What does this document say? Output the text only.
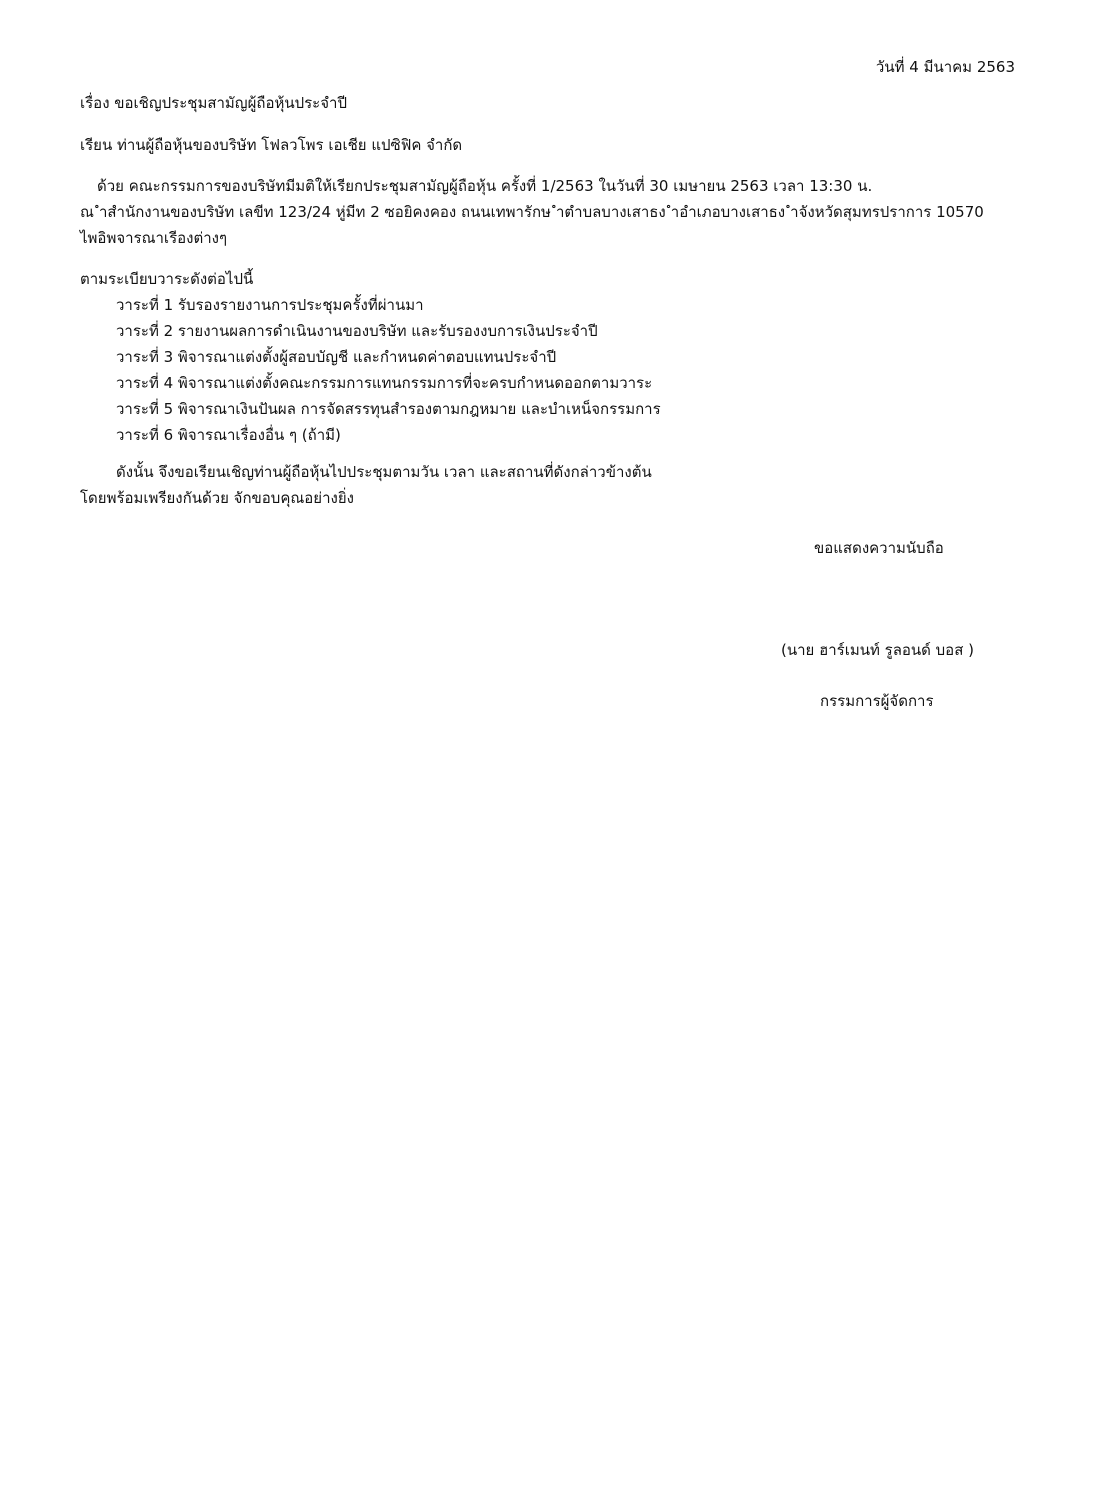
วันที่ 4 มีนาคม 2563
เรื่อง ขอเชิญประชุมสามัญผู้ถือหุ้นประจำปี
เรียน ท่านผู้ถือหุ้นของบริษัท โฟลวโพร เอเชีย แปซิฟิค จำกัด
ด้วย คณะกรรมการของบริษัทมีมติให้เรียกประชุมสามัญผู้ถือหุ้น ครั้งที่ 1/2563 ในวันที่ 30 เมษายน 2563 เวลา 13:30 น.
ณ ำสำนักงานของบริษัท เลขีท 123/24 หู่มีท 2 ซอยิคงคอง ถนนเทพารักษ ำตำบลบางเสาธง ำอำเภอบางเสาธง ำจังหวัดสุมทรปราการ 10570
ไพอิพจารณาเรีองต่างๆ
ตามระเบียบวาระดังต่อไปนี้
วาระที่ 1 รับรองรายงานการประชุมครั้งที่ผ่านมา
วาระที่ 2 รายงานผลการดำเนินงานของบริษัท และรับรองงบการเงินประจำปี
วาระที่ 3 พิจารณาแต่งตั้งผู้สอบบัญชี และกำหนดค่าตอบแทนประจำปี
วาระที่ 4 พิจารณาแต่งตั้งคณะกรรมการแทนกรรมการที่จะครบกำหนดออกตามวาระ
วาระที่ 5 พิจารณาเงินปันผล การจัดสรรทุนสำรองตามกฎหมาย และบำเหน็จกรรมการ
วาระที่ 6 พิจารณาเรื่องอื่น ๆ (ถ้ามี)
ดังนั้น จึงขอเรียนเชิญท่านผู้ถือหุ้นไปประชุมตามวัน เวลา และสถานที่ดังกล่าวข้างต้น
โดยพร้อมเพรียงกันด้วย จักขอบคุณอย่างยิ่ง
ขอแสดงความนับถือ
(นาย ฮาร์เมนท์ รูลอนด์ บอส )
กรรมการผู้จัดการ
